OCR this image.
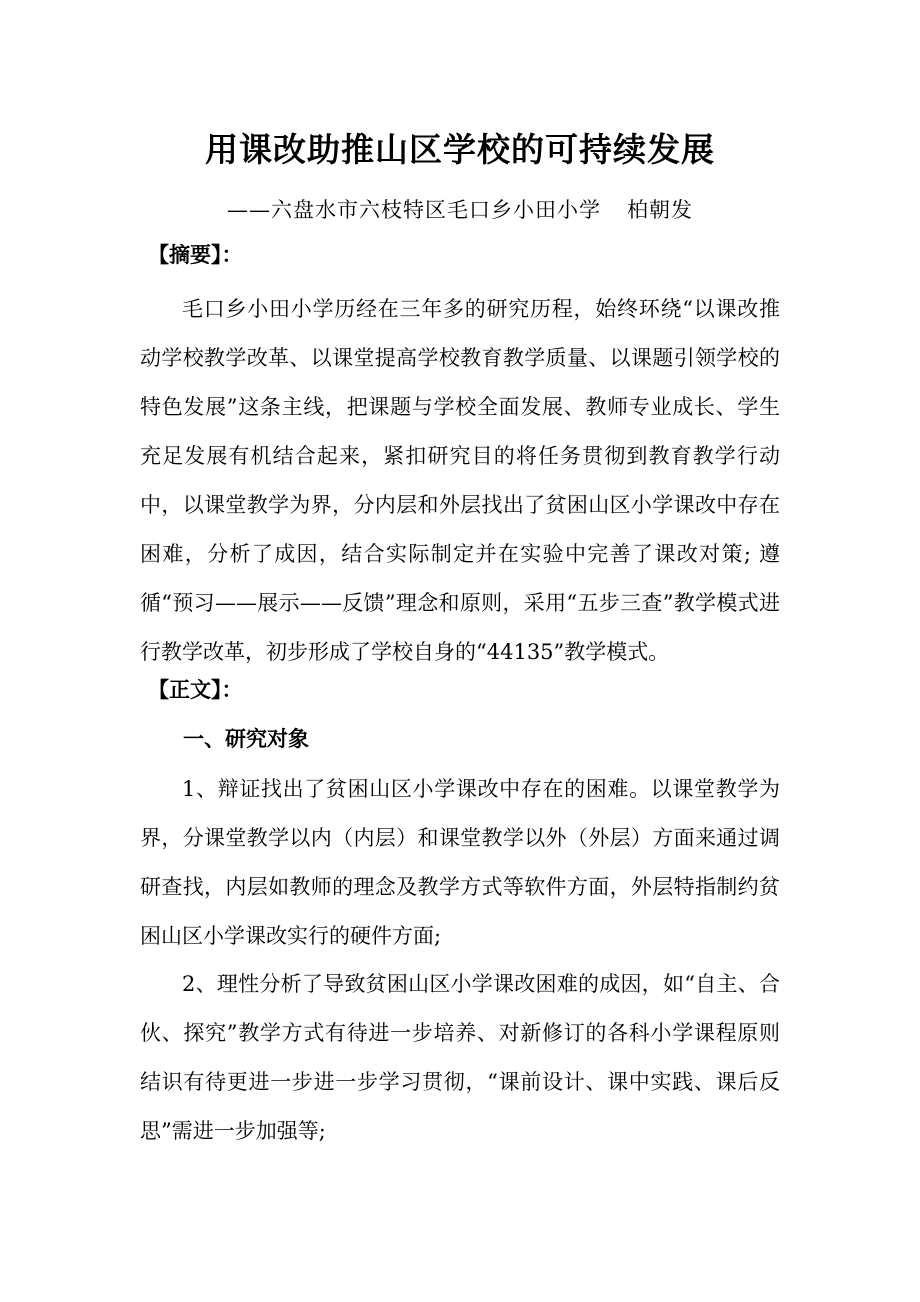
用课改助推山区学校的可持续发展
——六盘水市六枝特区毛口乡小田小学 柏朝发
【摘要】：
毛口乡小田小学历经在三年多的研究历程，始终环绕“以课改推动学校教学改革、以课堂提高学校教育教学质量、以课题引领学校的特色发展”这条主线，把课题与学校全面发展、教师专业成长、学生充足发展有机结合起来，紧扣研究目的将任务贯彻到教育教学行动中，以课堂教学为界，分内层和外层找出了贫困山区小学课改中存在困难，分析了成因，结合实际制定并在实验中完善了课改对策; 遵循“预习——展示——反馈”理念和原则，采用“五步三查”教学模式进行教学改革，初步形成了学校自身的“44135”教学模式。
【正文】：
一、研究对象
1、辩证找出了贫困山区小学课改中存在的困难。以课堂教学为界，分课堂教学以内（内层）和课堂教学以外（外层）方面来通过调研查找，内层如教师的理念及教学方式等软件方面，外层特指制约贫困山区小学课改实行的硬件方面;
2、理性分析了导致贫困山区小学课改困难的成因，如“自主、合伙、探究”教学方式有待进一步培养、对新修订的各科小学课程原则结识有待更进一步进一步学习贯彻，“课前设计、课中实践、课后反思”需进一步加强等;
